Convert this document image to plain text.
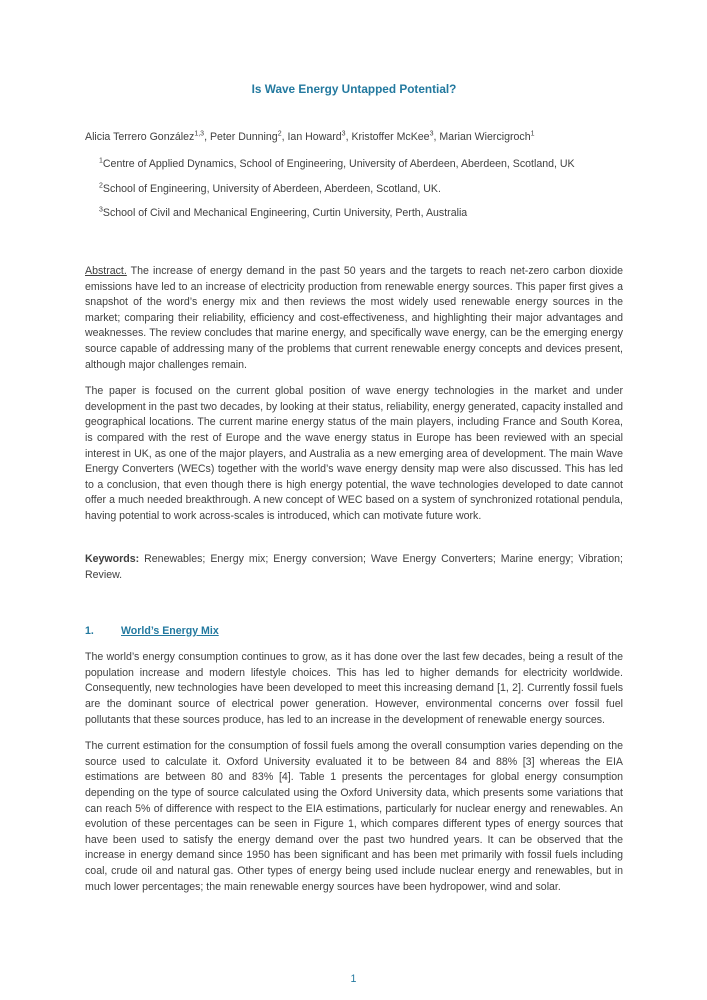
Is Wave Energy Untapped Potential?

Alicia Terrero González$^{1,3}$, Peter Dunning$^2$, Ian Howard$^3$, Kristoffer McKee$^3$, Marian Wiercigroch$^1$

$^1$Centre of Applied Dynamics, School of Engineering, University of Aberdeen, Aberdeen, Scotland, UK

$^2$School of Engineering, University of Aberdeen, Aberdeen, Scotland, UK.

$^3$School of Civil and Mechanical Engineering, Curtin University, Perth, Australia

Abstract. The increase of energy demand in the past 50 years and the targets to reach net-zero carbon dioxide emissions have led to an increase of electricity production from renewable energy sources. This paper first gives a snapshot of the word’s energy mix and then reviews the most widely used renewable energy sources in the market; comparing their reliability, efficiency and cost-effectiveness, and highlighting their major advantages and weaknesses. The review concludes that marine energy, and specifically wave energy, can be the emerging energy source capable of addressing many of the problems that current renewable energy concepts and devices present, although major challenges remain.

The paper is focused on the current global position of wave energy technologies in the market and under development in the past two decades, by looking at their status, reliability, energy generated, capacity installed and geographical locations. The current marine energy status of the main players, including France and South Korea, is compared with the rest of Europe and the wave energy status in Europe has been reviewed with an special interest in UK, as one of the major players, and Australia as a new emerging area of development. The main Wave Energy Converters (WECs) together with the world’s wave energy density map were also discussed. This has led to a conclusion, that even though there is high energy potential, the wave technologies developed to date cannot offer a much needed breakthrough. A new concept of WEC based on a system of synchronized rotational pendula, having potential to work across-scales is introduced, which can motivate future work.

Keywords: Renewables; Energy mix; Energy conversion; Wave Energy Converters; Marine energy; Vibration; Review.

1.	World’s Energy Mix

The world’s energy consumption continues to grow, as it has done over the last few decades, being a result of the population increase and modern lifestyle choices. This has led to higher demands for electricity worldwide. Consequently, new technologies have been developed to meet this increasing demand [1, 2]. Currently fossil fuels are the dominant source of electrical power generation. However, environmental concerns over fossil fuel pollutants that these sources produce, has led to an increase in the development of renewable energy sources.

The current estimation for the consumption of fossil fuels among the overall consumption varies depending on the source used to calculate it. Oxford University evaluated it to be between 84 and 88% [3] whereas the EIA estimations are between 80 and 83% [4]. Table 1 presents the percentages for global energy consumption depending on the type of source calculated using the Oxford University data, which presents some variations that can reach 5% of difference with respect to the EIA estimations, particularly for nuclear energy and renewables. An evolution of these percentages can be seen in Figure 1, which compares different types of energy sources that have been used to satisfy the energy demand over the past two hundred years. It can be observed that the increase in energy demand since 1950 has been significant and has been met primarily with fossil fuels including coal, crude oil and natural gas. Other types of energy being used include nuclear energy and renewables, but in much lower percentages; the main renewable energy sources have been hydropower, wind and solar.

1
